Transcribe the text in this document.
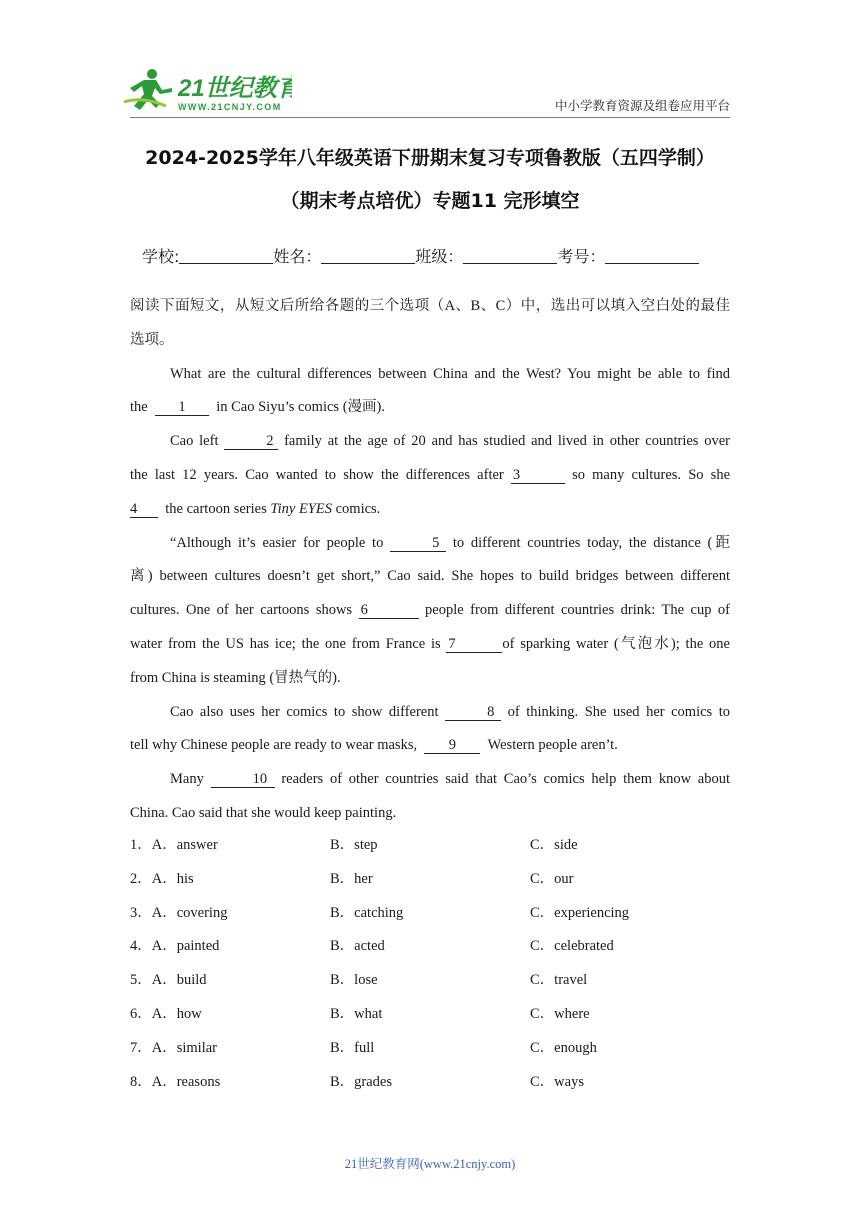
21世纪教育
WWW.21CNJY.COM	中小学教育资源及组卷应用平台
2024-2025学年八年级英语下册期末复习专项鲁教版（五四学制）
（期末考点培优）专题11 完形填空
学校:	姓名：	班级：	考号：
阅读下面短文，从短文后所给各题的三个选项（A、B、C）中，选出可以填入空白处的最佳
选项。
What are the cultural differences between China and the West? You might be able to find
the 1 in Cao Siyu’s comics (漫画).
Cao left	2 family at the age of 20 and has studied and lived in other countries over
the last 12 years. Cao wanted to show the differences after 3	so many cultures. So she
4 the cartoon series Tiny EYES comics.
“Although it’s easier for people to	5 to different countries today, the distance (距
离) between cultures doesn’t get short,” Cao said. She hopes to build bridges between different
cultures. One of her cartoons shows 6	people from different countries drink: The cup of
water from the US has ice; the one from France is 7	of sparking water (气泡水); the one
from China is steaming (冒热气的).
Cao also uses her comics to show different	8 of thinking. She used her comics to
tell why Chinese people are ready to wear masks, 9 Western people aren’t.
Many	10 readers of other countries said that Cao’s comics help them know about
China. Cao said that she would keep painting.
1．A．answer	B．step	C．side
2．A．his	B．her	C．our
3．A．covering	B．catching	C．experiencing
4．A．painted	B．acted	C．celebrated
5．A．build	B．lose	C．travel
6．A．how	B．what	C．where
7．A．similar	B．full	C．enough
8．A．reasons	B．grades	C．ways
21世纪教育网(www.21cnjy.com)
